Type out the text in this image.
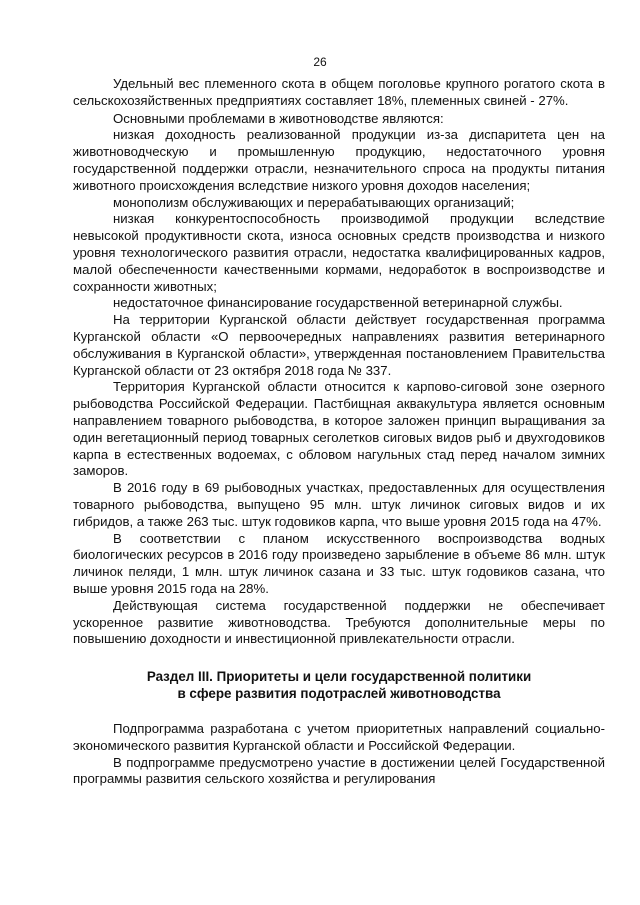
26

Удельный вес племенного скота в общем поголовье крупного рогатого скота в сельскохозяйственных предприятиях составляет 18%, племенных свиней - 27%.

Основными проблемами в животноводстве являются:

низкая доходность реализованной продукции из-за диспаритета цен на животноводческую и промышленную продукцию, недостаточного уровня государственной поддержки отрасли, незначительного спроса на продукты питания животного происхождения вследствие низкого уровня доходов населения;

монополизм обслуживающих и перерабатывающих организаций;

низкая конкурентоспособность производимой продукции вследствие невысокой продуктивности скота, износа основных средств производства и низкого уровня технологического развития отрасли, недостатка квалифицированных кадров, малой обеспеченности качественными кормами, недоработок в воспроизводстве и сохранности животных;

недостаточное финансирование государственной ветеринарной службы.

На территории Курганской области действует государственная программа Курганской области «О первоочередных направлениях развития ветеринарного обслуживания в Курганской области», утвержденная постановлением Правительства Курганской области от 23 октября 2018 года № 337.

Территория Курганской области относится к карпово-сиговой зоне озерного рыбоводства Российской Федерации. Пастбищная аквакультура является основным направлением товарного рыбоводства, в которое заложен принцип выращивания за один вегетационный период товарных сеголетков сиговых видов рыб и двухгодовиков карпа в естественных водоемах, с обловом нагульных стад перед началом зимних заморов.

В 2016 году в 69 рыбоводных участках, предоставленных для осуществления товарного рыбоводства, выпущено 95 млн. штук личинок сиговых видов и их гибридов, а также 263 тыс. штук годовиков карпа, что выше уровня 2015 года на 47%.

В соответствии с планом искусственного воспроизводства водных биологических ресурсов в 2016 году произведено зарыбление в объеме 86 млн. штук личинок пеляди, 1 млн. штук личинок сазана и 33 тыс. штук годовиков сазана, что выше уровня 2015 года на 28%.

Действующая система государственной поддержки не обеспечивает ускоренное развитие животноводства. Требуются дополнительные меры по повышению доходности и инвестиционной привлекательности отрасли.

Раздел III. Приоритеты и цели государственной политики
в сфере развития подотраслей животноводства

Подпрограмма разработана с учетом приоритетных направлений социально-экономического развития Курганской области и Российской Федерации.

В подпрограмме предусмотрено участие в достижении целей Государственной программы развития сельского хозяйства и регулирования
